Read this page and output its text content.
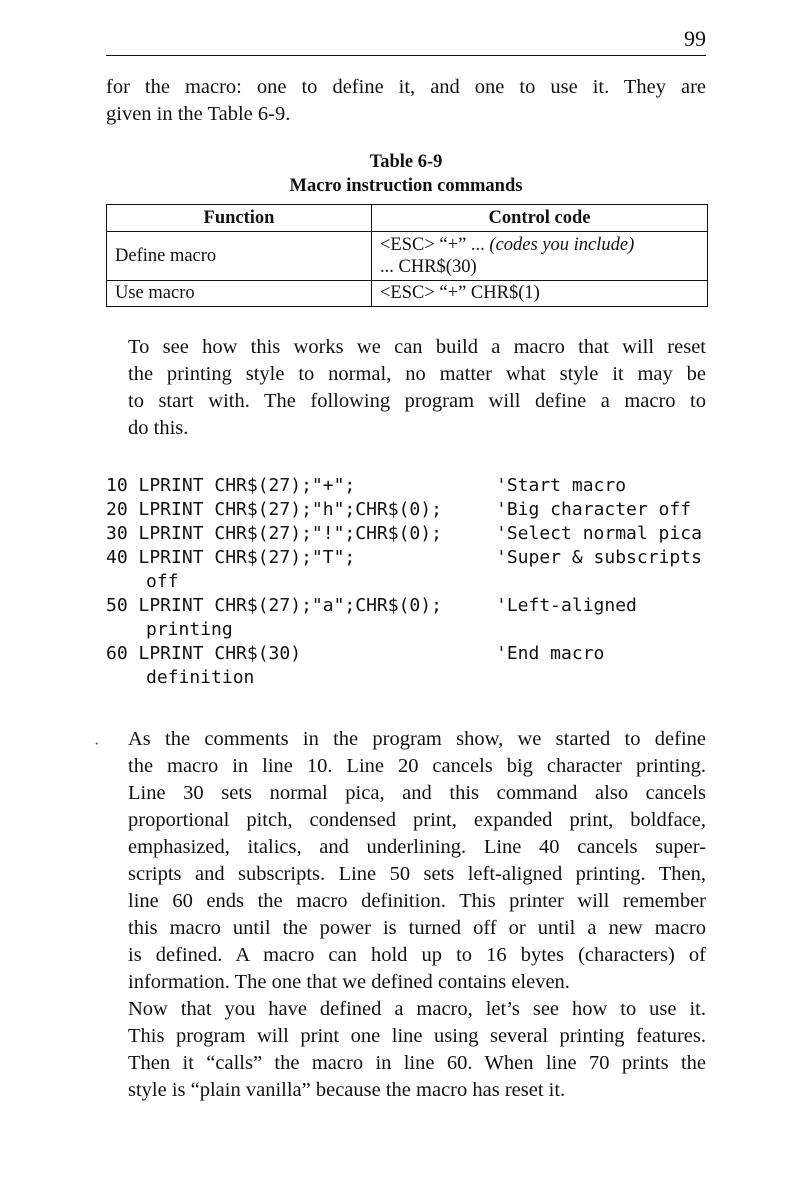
99

for the macro: one to define it, and one to use it. They are
given in the Table 6-9.

Table 6-9
Macro instruction commands
Function	Control code
Define macro	<ESC> “+” ... (codes you include)
... CHR$(30)

Use macro	<ESC> “+” CHR$(1)

To see how this works we can build a macro that will reset
the printing style to normal, no matter what style it may be
to start with. The following program will define a macro to
do this.

10 LPRINT CHR$(27);"+";	'Start macro
20 LPRINT CHR$(27);"h";CHR$(0);	'Big character off
30 LPRINT CHR$(27);"!";CHR$(0);	'Select normal pica
40 LPRINT CHR$(27);"T";	'Super & subscripts
off
50 LPRINT CHR$(27);"a";CHR$(0);	'Left-aligned
printing
60 LPRINT CHR$(30)	'End macro
definition
·	As the comments in the program show, we started to define
the macro in line 10. Line 20 cancels big character printing.
Line 30 sets normal pica, and this command also cancels
proportional pitch, condensed print, expanded print, boldface,
emphasized, italics, and underlining. Line 40 cancels super-
scripts and subscripts. Line 50 sets left-aligned printing. Then,
line 60 ends the macro definition. This printer will remember
this macro until the power is turned off or until a new macro
is defined. A macro can hold up to 16 bytes (characters) of
information. The one that we defined contains eleven.

Now that you have defined a macro, let’s see how to use it.
This program will print one line using several printing features.
Then it “calls” the macro in line 60. When line 70 prints the
style is “plain vanilla” because the macro has reset it.
